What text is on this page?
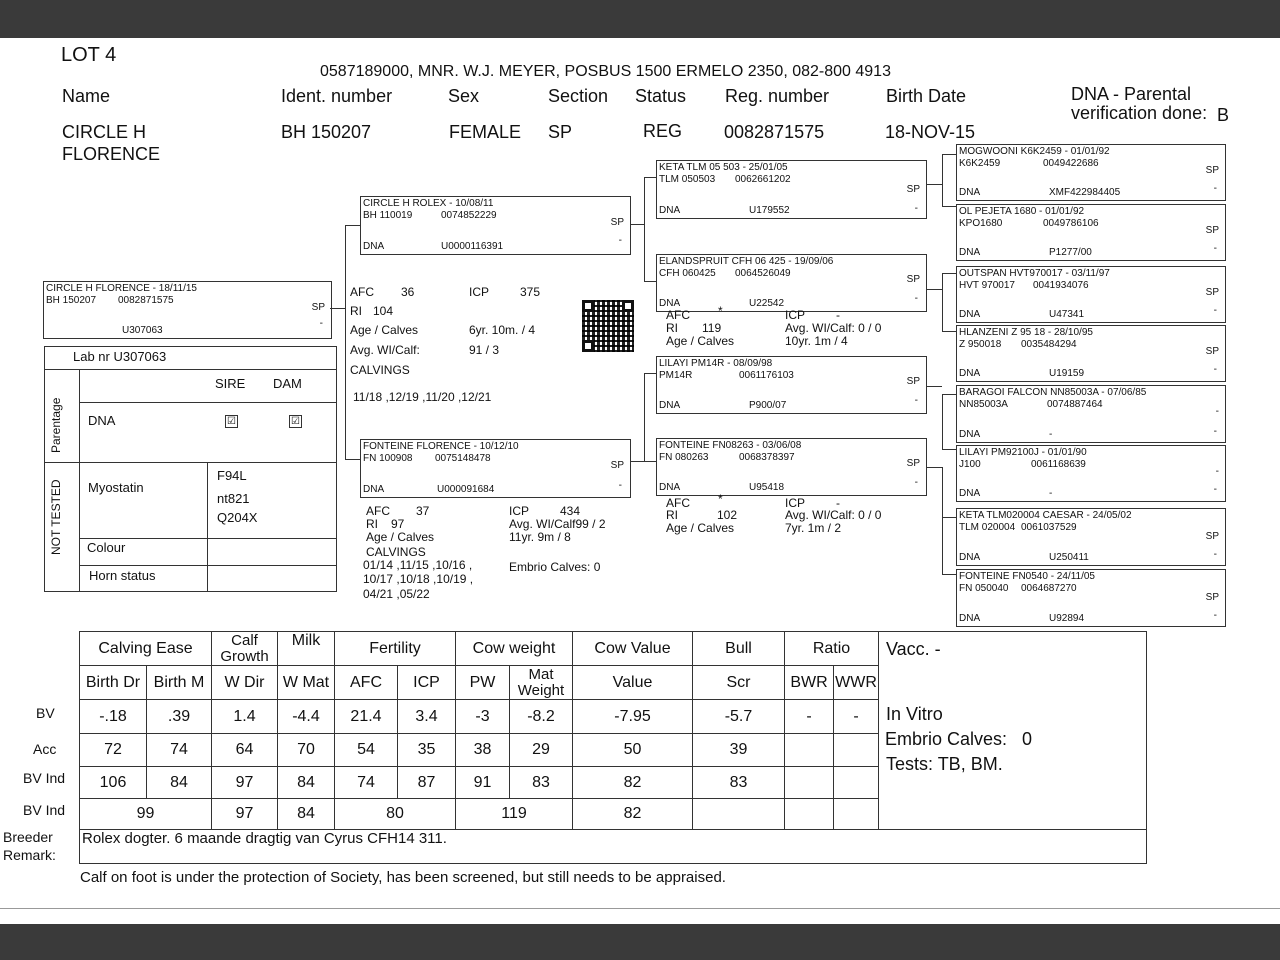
LOT 4
0587189000, MNR. W.J. MEYER, POSBUS 1500 ERMELO 2350, 082-800 4913
Name	Ident. number	Sex	Section Status Reg. number	Birth Date	DNA - Parental
verification done:
CIRCLE H
FLORENCE
BH 150207	FEMALE SP	REG 0082871575	18-NOV-15
B
CIRCLE H FLORENCE - 18/11/15
BH 150207 0082871575
SP
-
U307063
Lab nr U307063
Parentage
NOT TESTED
SIRE DAM
DNA	☑	☑
Myostatin
F94L
nt821
Q204X
Colour
Horn status
CIRCLE H ROLEX - 10/08/11
BH 110019	0074852229
SP
-
DNA	U0000116391
FONTEINE FLORENCE - 10/12/10
FN 100908 0075148478
SP
-
DNA	U000091684
AFC 36	ICP	375
RI 104
Age / Calves	6yr. 10m. / 4
Avg. WI/Calf:	91 / 3
CALVINGS
11/18 ,12/19 ,11/20 ,12/21
AFC 37	ICP	434
RI 97	Avg. WI/Calf99 / 2
Age / Calves	11yr. 9m / 8
CALVINGS
01/14 ,11/15 ,10/16 ,
10/17 ,10/18 ,10/19 ,
04/21 ,05/22
Embrio Calves: 0
KETA TLM 05 503 - 25/01/05
TLM 050503 0062661202
SP
-
DNA	U179552
ELANDSPRUIT CFH 06 425 - 19/09/06
CFH 060425 0064526049
SP
-
DNA	U22542
LILAYI PM14R - 08/09/98
PM14R	0061176103
SP
-
DNA	P900/07
FONTEINE FN08263 - 03/06/08
FN 080263	0068378397
SP
-
DNA	U95418
AFC *	ICP	-
RI 119	Avg. WI/Calf: 0 / 0
Age / Calves	10yr. 1m / 4
AFC *	ICP	-
RI	102	Avg. WI/Calf: 0 / 0
Age / Calves	7yr. 1m / 2
MOGWOONI K6K2459 - 01/01/92
K6K2459	0049422686
SP
-
DNA	XMF422984405
OL PEJETA 1680 - 01/01/92
KPO1680	0049786106
SP
-
DNA	P1277/00
OUTSPAN HVT970017 - 03/11/97
HVT 970017 0041934076
SP
-
DNA	U47341
HLANZENI Z 95 18 - 28/10/95
Z 950018 0035484294
SP
-
DNA	U19159
BARAGOI FALCON NN85003A - 07/06/85
NN85003A	0074887464
-
-
DNA	-
LILAYI PM92100J - 01/01/90
J100	0061168639
-
-
DNA	-
KETA TLM020004 CAESAR - 24/05/02
TLM 020004 0061037529
SP
-
DNA	U250411
FONTEINE FN0540 - 24/11/05
FN 050040 0064687270
SP
-
DNA	U92894
BV
Acc
BV Ind
BV Ind
Breeder
Remark:
Calving Ease		Calf Growth	Milk	Fertility		Cow weight		Cow Value	Bull	Ratio		Vacc. -
In Vitro
Embrio Calves: 0
Tests: TB, BM.

Birth Dr	Birth M	W Dir	W Mat	AFC	ICP	PW	Mat Weight	Value	Scr	BWR	WWR	
-.18	.39	1.4	-4.4	21.4	3.4	-3	-8.2	-7.95	-5.7	-	-	
72	74	64	70	54	35	38	29	50	39			
106	84	97	84	74	87	91	83	82	83			
99		97	84	80		119		82				
Rolex dogter. 6 maande dragtig van Cyrus CFH14 311.												
Calf on foot is under the protection of Society, has been screened, but still needs to be appraised.
